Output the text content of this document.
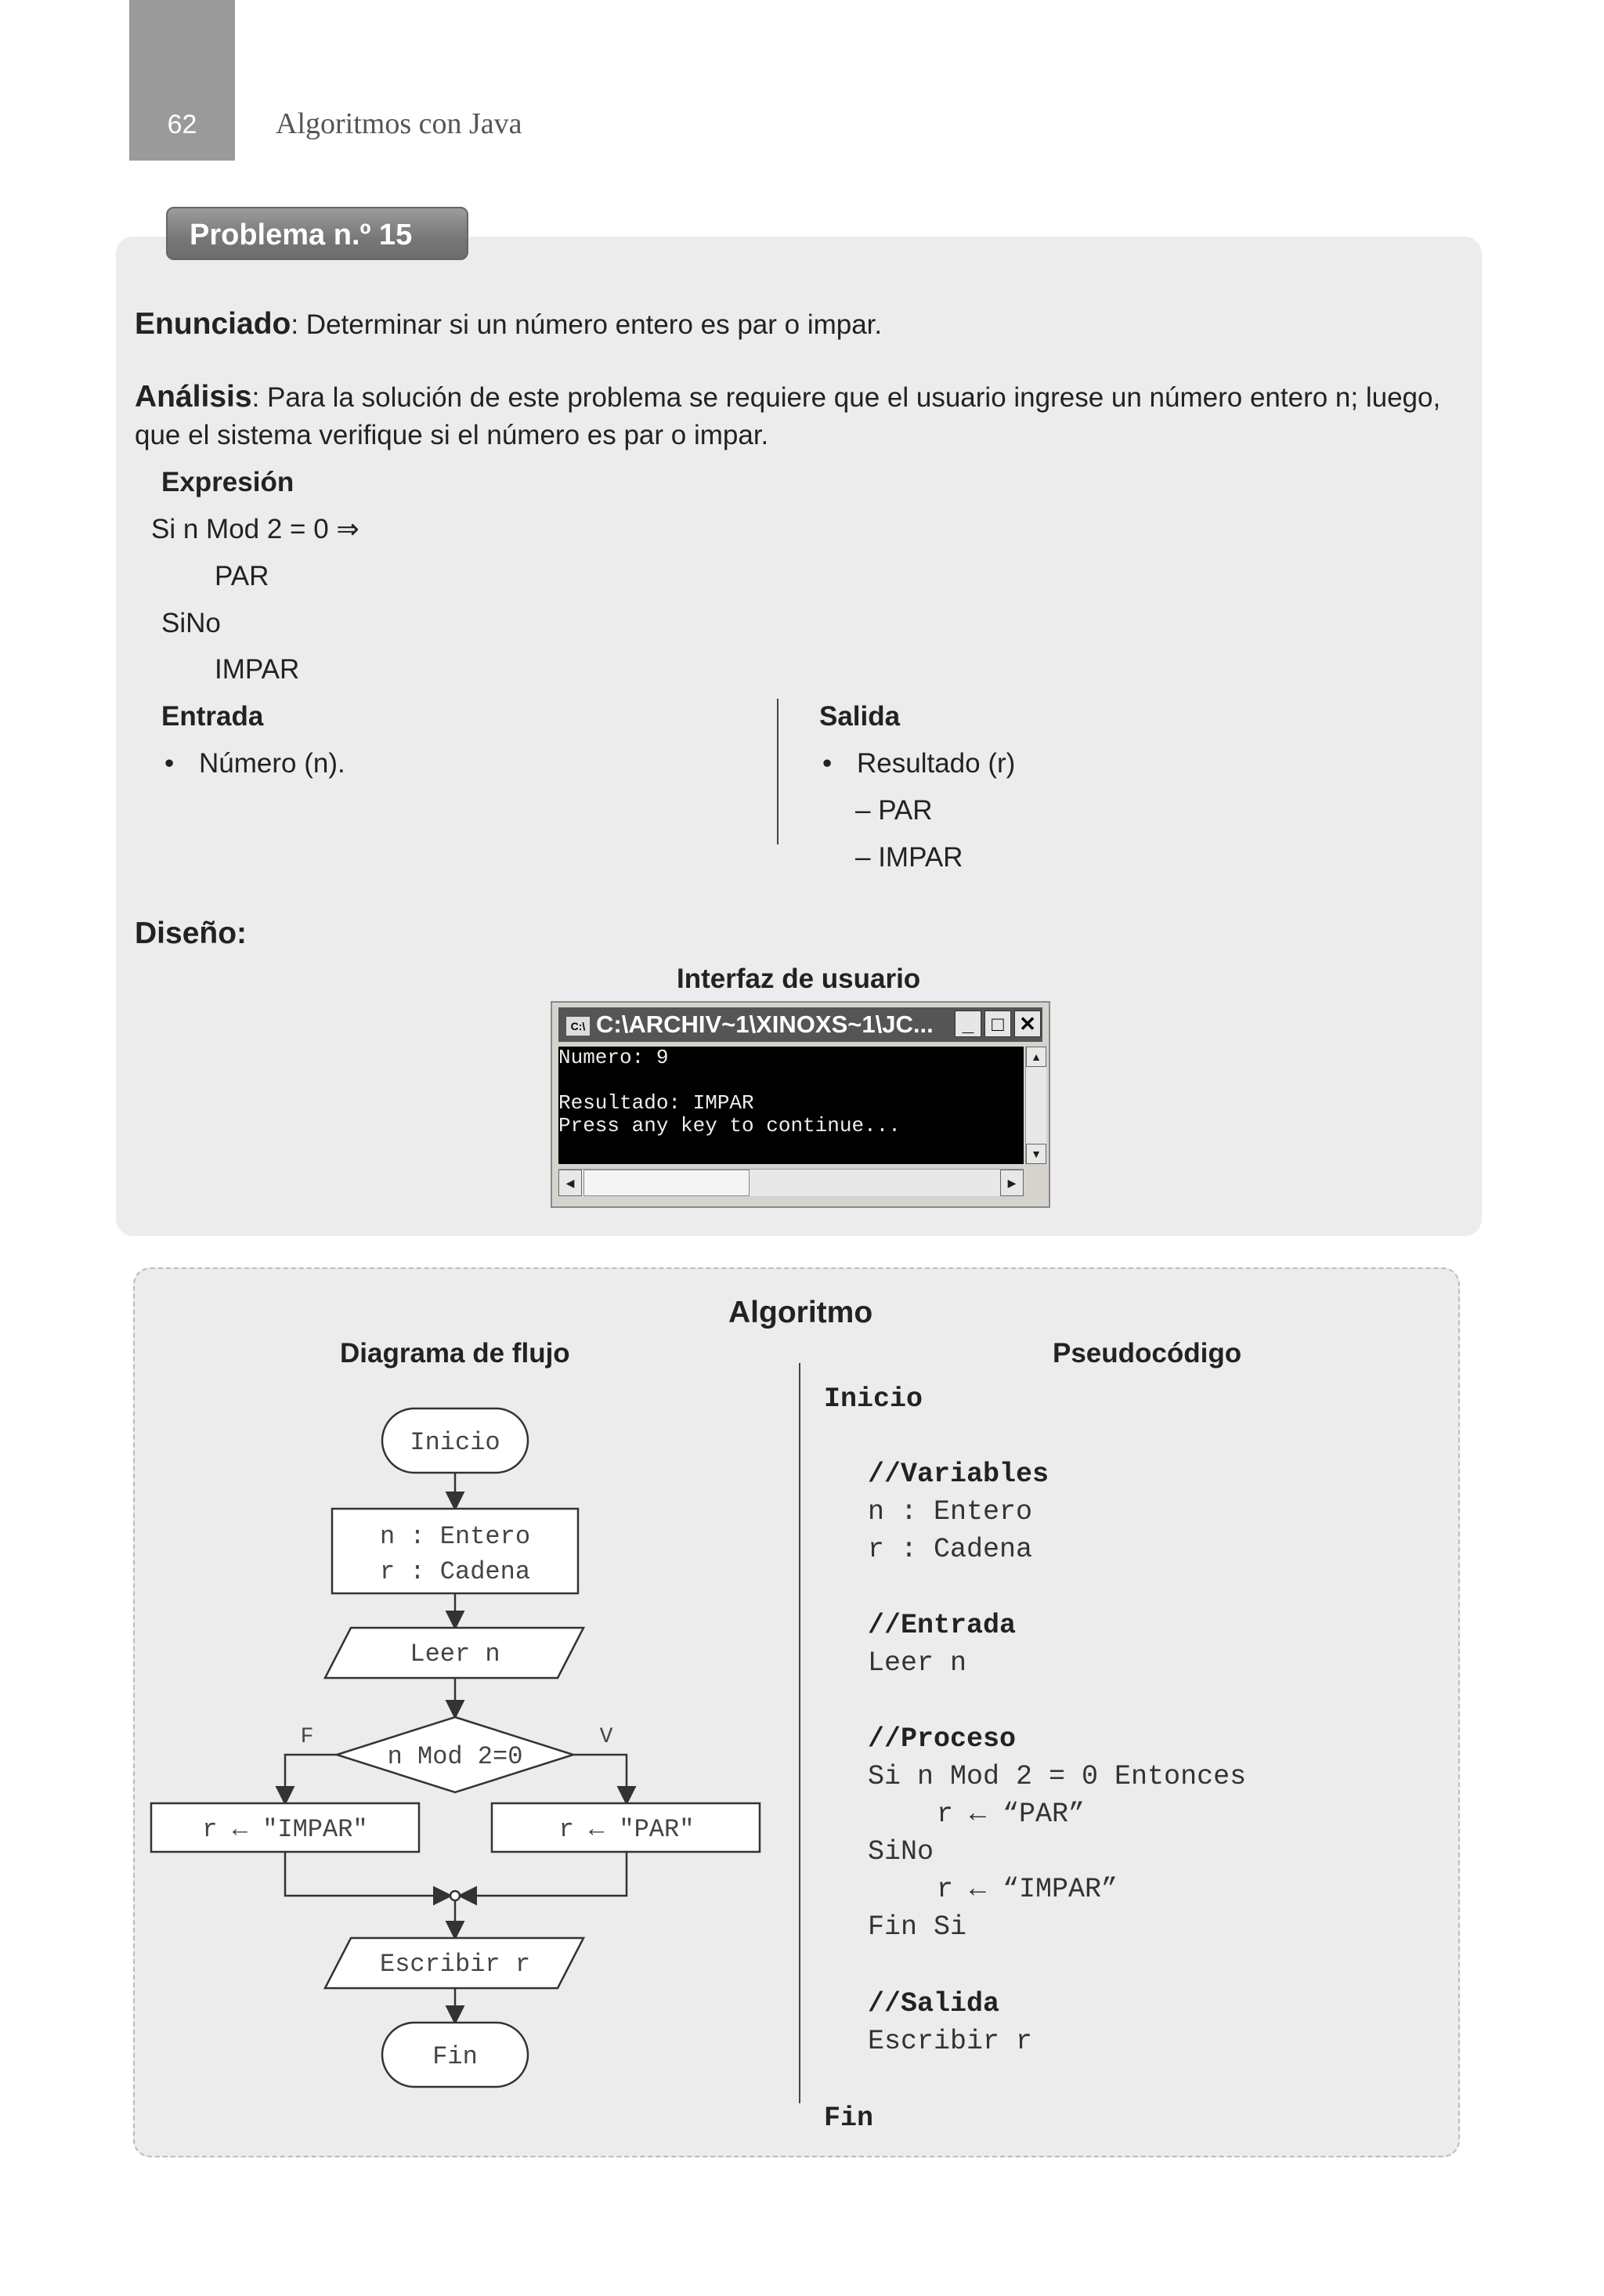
62	Algoritmos con Java
Problema n.º 15
Enunciado: Determinar si un número entero es par o impar.
Análisis: Para la solución de este problema se requiere que el usuario ingrese un número entero n; luego,
que el sistema verifique si el número es par o impar.
Expresión
Si n Mod 2 = 0 ⇒
PAR
SiNo
IMPAR
Entrada
• Número (n).
Salida
• Resultado (r)
– PAR
– IMPAR
Diseño:
Interfaz de usuario
C:\ C:\ARCHIV~1\XINOXS~1\JC...	_ □ ✕
Numero: 9
Resultado: IMPAR
Press any key to continue...
▲
▼
◀	▶
Algoritmo
Diagrama de flujo	Pseudocódigo
Inicio
n : Entero
r : Cadena
Leer n
n Mod 2=0
F	V
r ← "IMPAR"	r ← "PAR"
Escribir r
Fin
Inicio
//Variables
n : Entero
r : Cadena
//Entrada
Leer n
//Proceso
Si n Mod 2 = 0 Entonces
r ← “PAR”
SiNo
r ← “IMPAR”
Fin Si
//Salida
Escribir r
Fin
